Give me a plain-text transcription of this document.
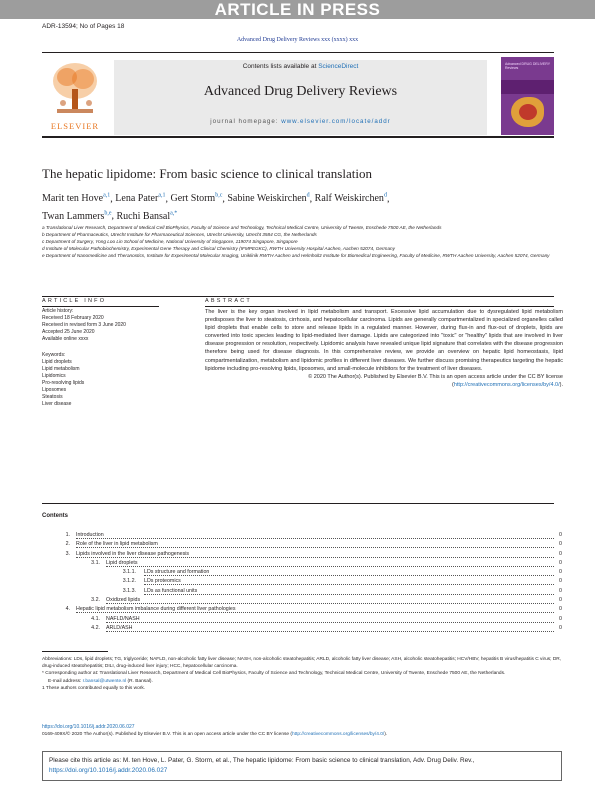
ARTICLE IN PRESS
ADR-13594; No of Pages 18
Advanced Drug Delivery Reviews xxx (xxxx) xxx
ELSEVIER
Contents lists available at ScienceDirect
Advanced Drug Delivery Reviews
journal homepage: www.elsevier.com/locate/addr
Advanced DRUG DELIVERY Reviews
The hepatic lipidome: From basic science to clinical translation
Marit ten Hove$^{a,1}$, Lena Pater$^{a,1}$, Gert Storm$^{b,c}$, Sabine Weiskirchen$^d$, Ralf Weiskirchen$^d$,
Twan Lammers$^{b,e}$, Ruchi Bansal$^{a,*}$
a Translational Liver Research, Department of Medical Cell BioPhysics, Faculty of Science and Technology, Technical Medical Centre, University of Twente, Enschede 7500 AE, the Netherlands
b Department of Pharmaceutics, Utrecht Institute for Pharmaceutical Sciences, Utrecht University, Utrecht 3584 CG, the Netherlands
c Department of Surgery, Yong Loo Lin School of Medicine, National University of Singapore, 119074 Singapore, Singapore
d Institute of Molecular Pathobiochemistry, Experimental Gene Therapy and Clinical Chemistry (IFMPEGKC), RWTH University Hospital Aachen, Aachen 52074, Germany
e Department of Nanomedicine and Theranostics, Institute for Experimental Molecular Imaging, Uniklinik RWTH Aachen and Helmholtz Institute for Biomedical Engineering, Faculty of Medicine, RWTH Aachen University, Aachen 52074, Germany
ARTICLE INFO	ABSTRACT
Article history:
Received 18 February 2020
Received in revised form 3 June 2020
Accepted 25 June 2020
Available online xxxx
Keywords:
Lipid droplets
Lipid metabolism
Lipidomics
Pro-resolving lipids
Liposomes
Steatosis
Liver disease
The liver is the key organ involved in lipid metabolism and transport. Excessive lipid accumulation due to dysregulated lipid metabolism predisposes the liver to steatosis, cirrhosis, and hepatocellular carcinoma. Lipids are generally compartmentalized in specialized organelles called lipid droplets that enable cells to store and release lipids in a regulated manner. However, during flux-in and flux-out of droplets, lipids are converted into toxic species leading to lipid-mediated liver damage. Lipids are categorized into "toxic" or "healthy" lipids that are involved in liver disease progression or resolution, respectively. Lipidomic analysis have revealed unique lipid signature that correlates with the disease progression therefore being used for disease diagnosis. In this comprehensive review, we provide an overview on hepatic lipid homeostasis, lipid compartmentalization, metabolism and lipidomic profiles in different liver diseases. We further discuss promising therapeutics targeting the hepatic lipidome including pro-resolving lipids, liposomes, and small-molecule inhibitors for the treatment of liver diseases.
© 2020 The Author(s). Published by Elsevier B.V. This is an open access article under the CC BY license (http://creativecommons.org/licenses/by/4.0/).
Contents
1. Introduction	0
2. Role of the liver in lipid metabolism	0
3. Lipids involved in the liver disease pathogenesis	0
3.1. Lipid droplets	0
3.1.1. LDs structure and formation	0
3.1.2. LDs proteomics	0
3.1.3. LDs as functional units	0
3.2. Oxidized lipids	0
4. Hepatic lipid metabolism imbalance during different liver pathologies	0
4.1. NAFLD/NASH	0
4.2. ARLD/ASH	0
Abbreviations: LDs, lipid droplets; TG, triglyceride; NAFLD, non-alcoholic fatty liver disease; NASH, non-alcoholic steatohepatitis; ARLD, alcoholic fatty liver disease; ASH, alcoholic steatohepatitis; HCV/HBV, hepatitis B virus/hepatitis C virus; DR, drug-induced steatohepatitis; DILI, drug-induced liver injury; HCC, hepatocellular carcinoma.
* Corresponding author at: Translational Liver Research, Department of Medical Cell BioPhysics, Faculty of Science and Technology, Technical Medical Centre, University of Twente, Enschede 7500 AE, the Netherlands.
E-mail address: r.bansal@utwente.nl (R. Bansal).
1 These authors contributed equally to this work.
https://doi.org/10.1016/j.addr.2020.06.027
0169-409X/© 2020 The Author(s). Published by Elsevier B.V. This is an open access article under the CC BY license (http://creativecommons.org/licenses/by/4.0/).
Please cite this article as: M. ten Hove, L. Pater, G. Storm, et al., The hepatic lipidome: From basic science to clinical translation, Adv. Drug Deliv. Rev., https://doi.org/10.1016/j.addr.2020.06.027
